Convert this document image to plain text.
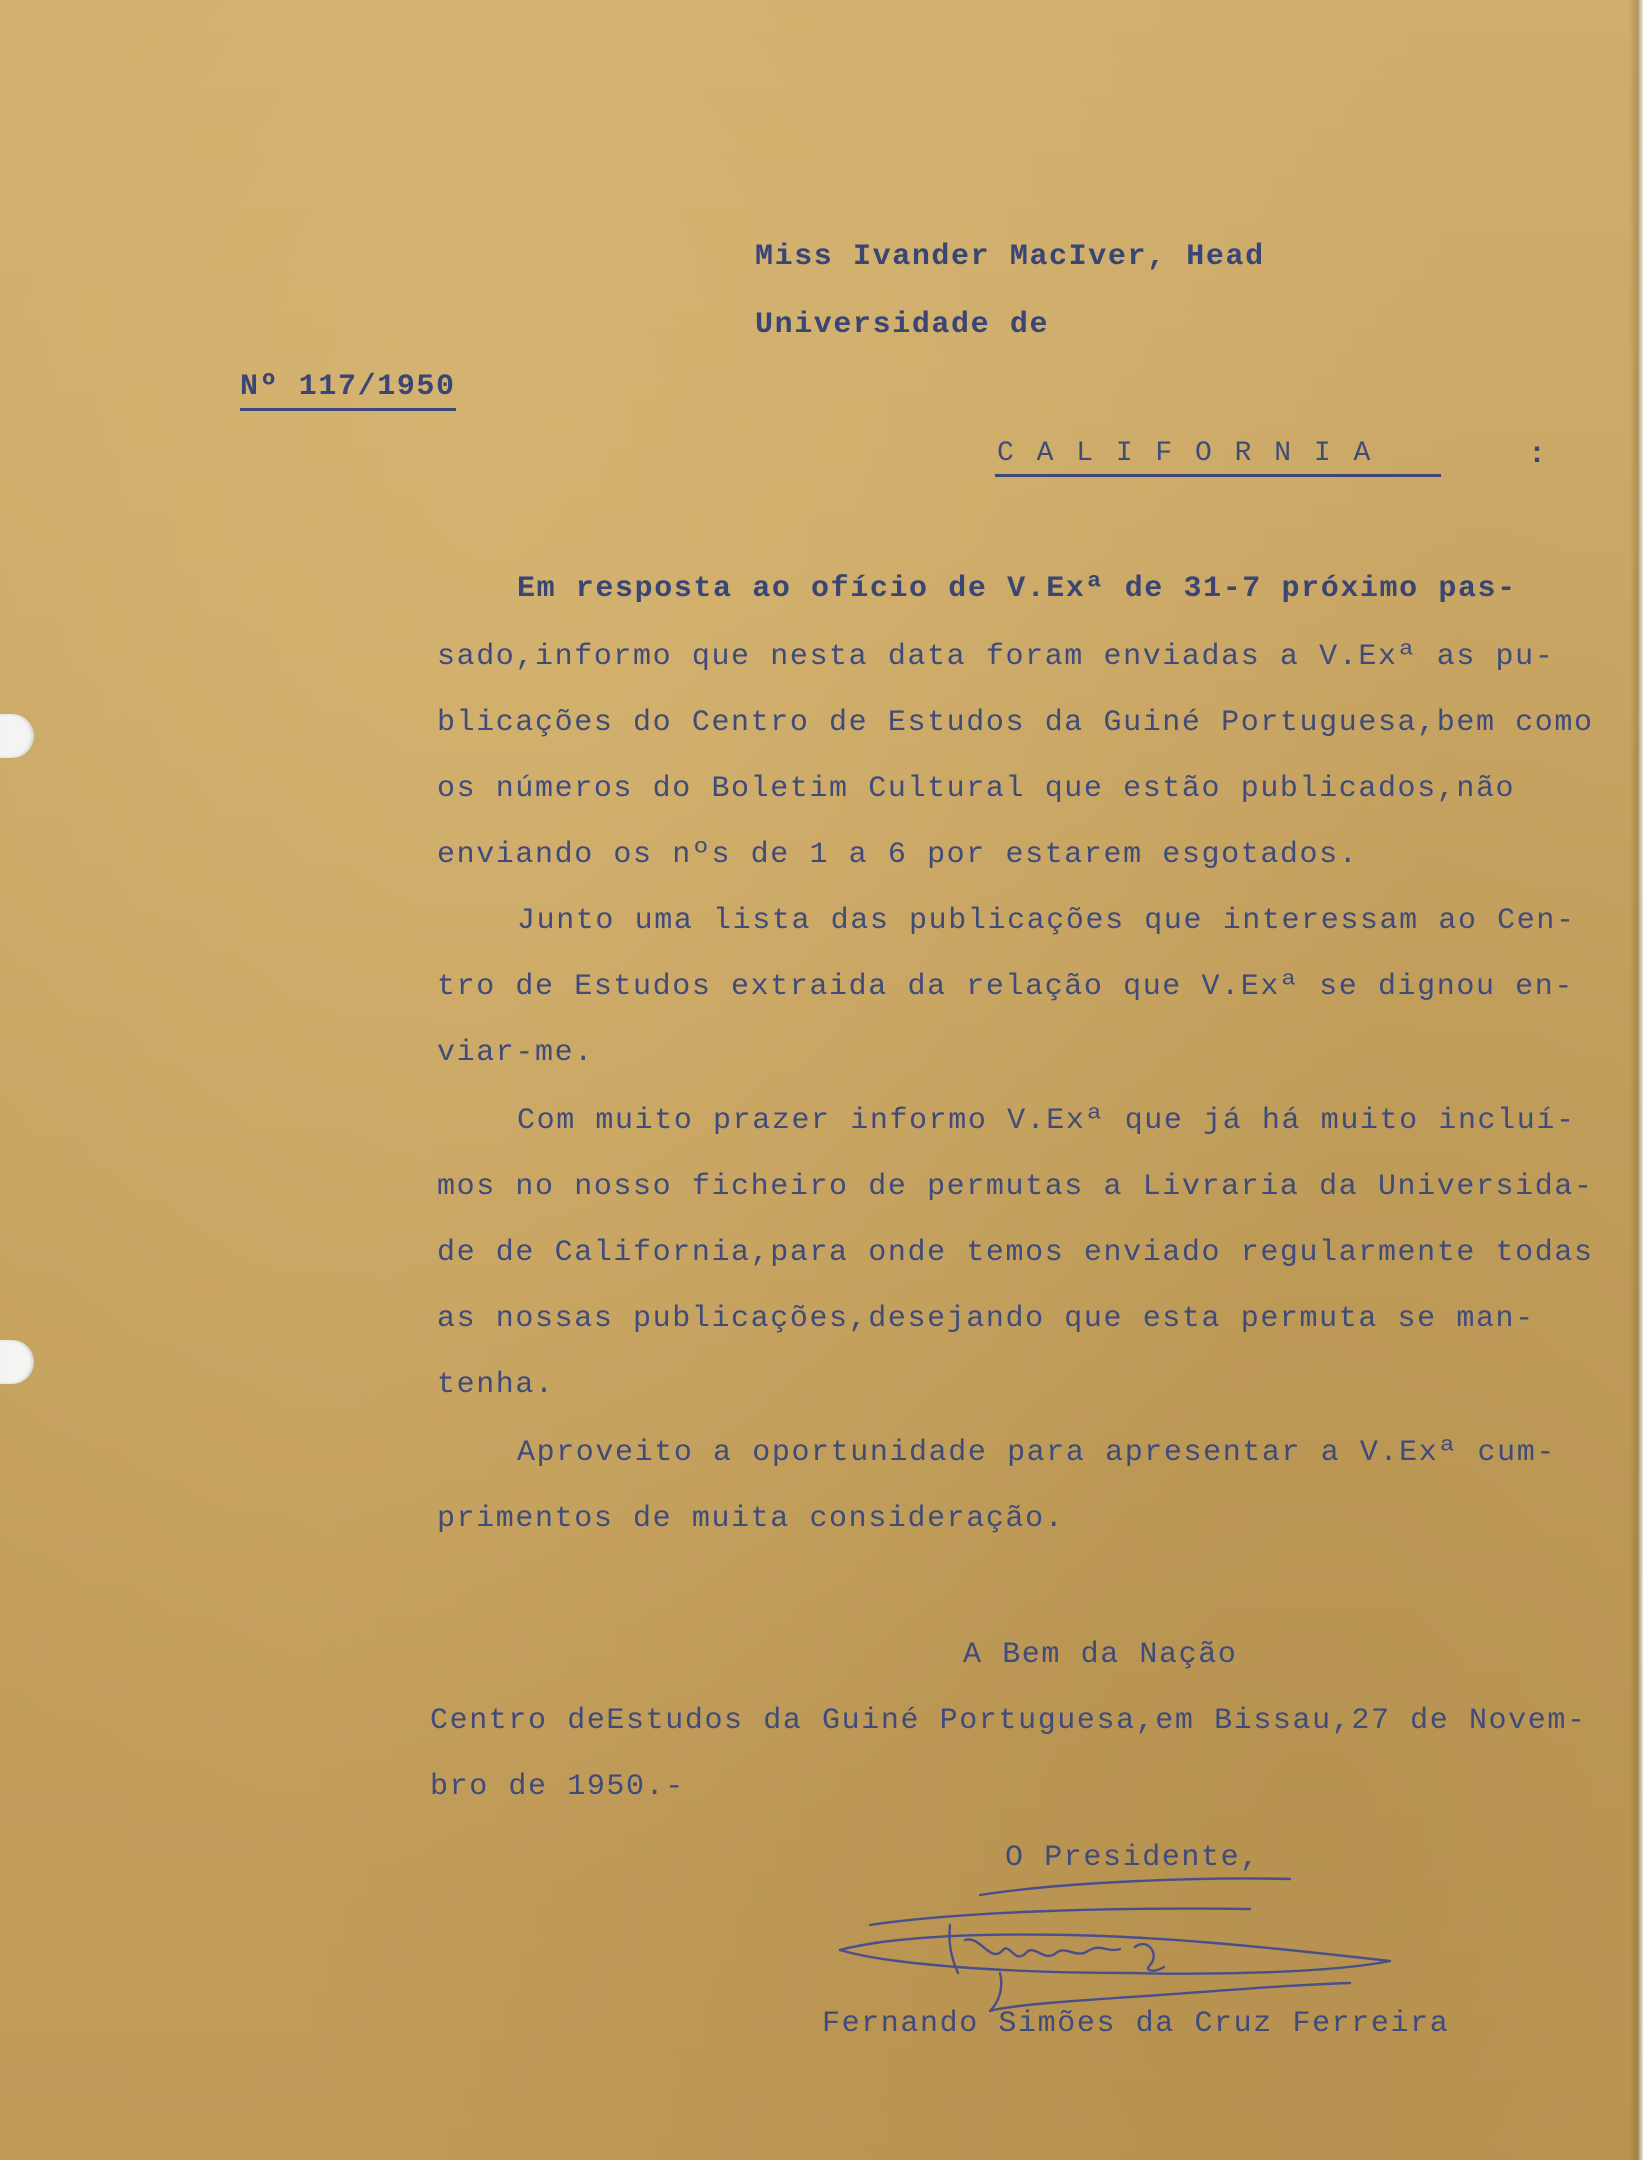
Miss Ivander MacIver, Head
Universidade de
Nº 117/1950
C A L I F O R N I A	:
Em resposta ao ofício de V.Exª de 31-7 próximo pas-
sado,informo que nesta data foram enviadas a V.Exª as pu-
blicações do Centro de Estudos da Guiné Portuguesa,bem como
os números do Boletim Cultural que estão publicados,não
enviando os nºs de 1 a 6 por estarem esgotados.
Junto uma lista das publicações que interessam ao Cen-
tro de Estudos extraida da relação que V.Exª se dignou en-
viar-me.
Com muito prazer informo V.Exª que já há muito incluí-
mos no nosso ficheiro de permutas a Livraria da Universida-
de de California,para onde temos enviado regularmente todas
as nossas publicações,desejando que esta permuta se man-
tenha.
Aproveito a oportunidade para apresentar a V.Exª cum-
primentos de muita consideração.
A Bem da Nação
Centro deEstudos da Guiné Portuguesa,em Bissau,27 de Novem-
bro de 1950.-
O Presidente,
Fernando Simões da Cruz Ferreira
